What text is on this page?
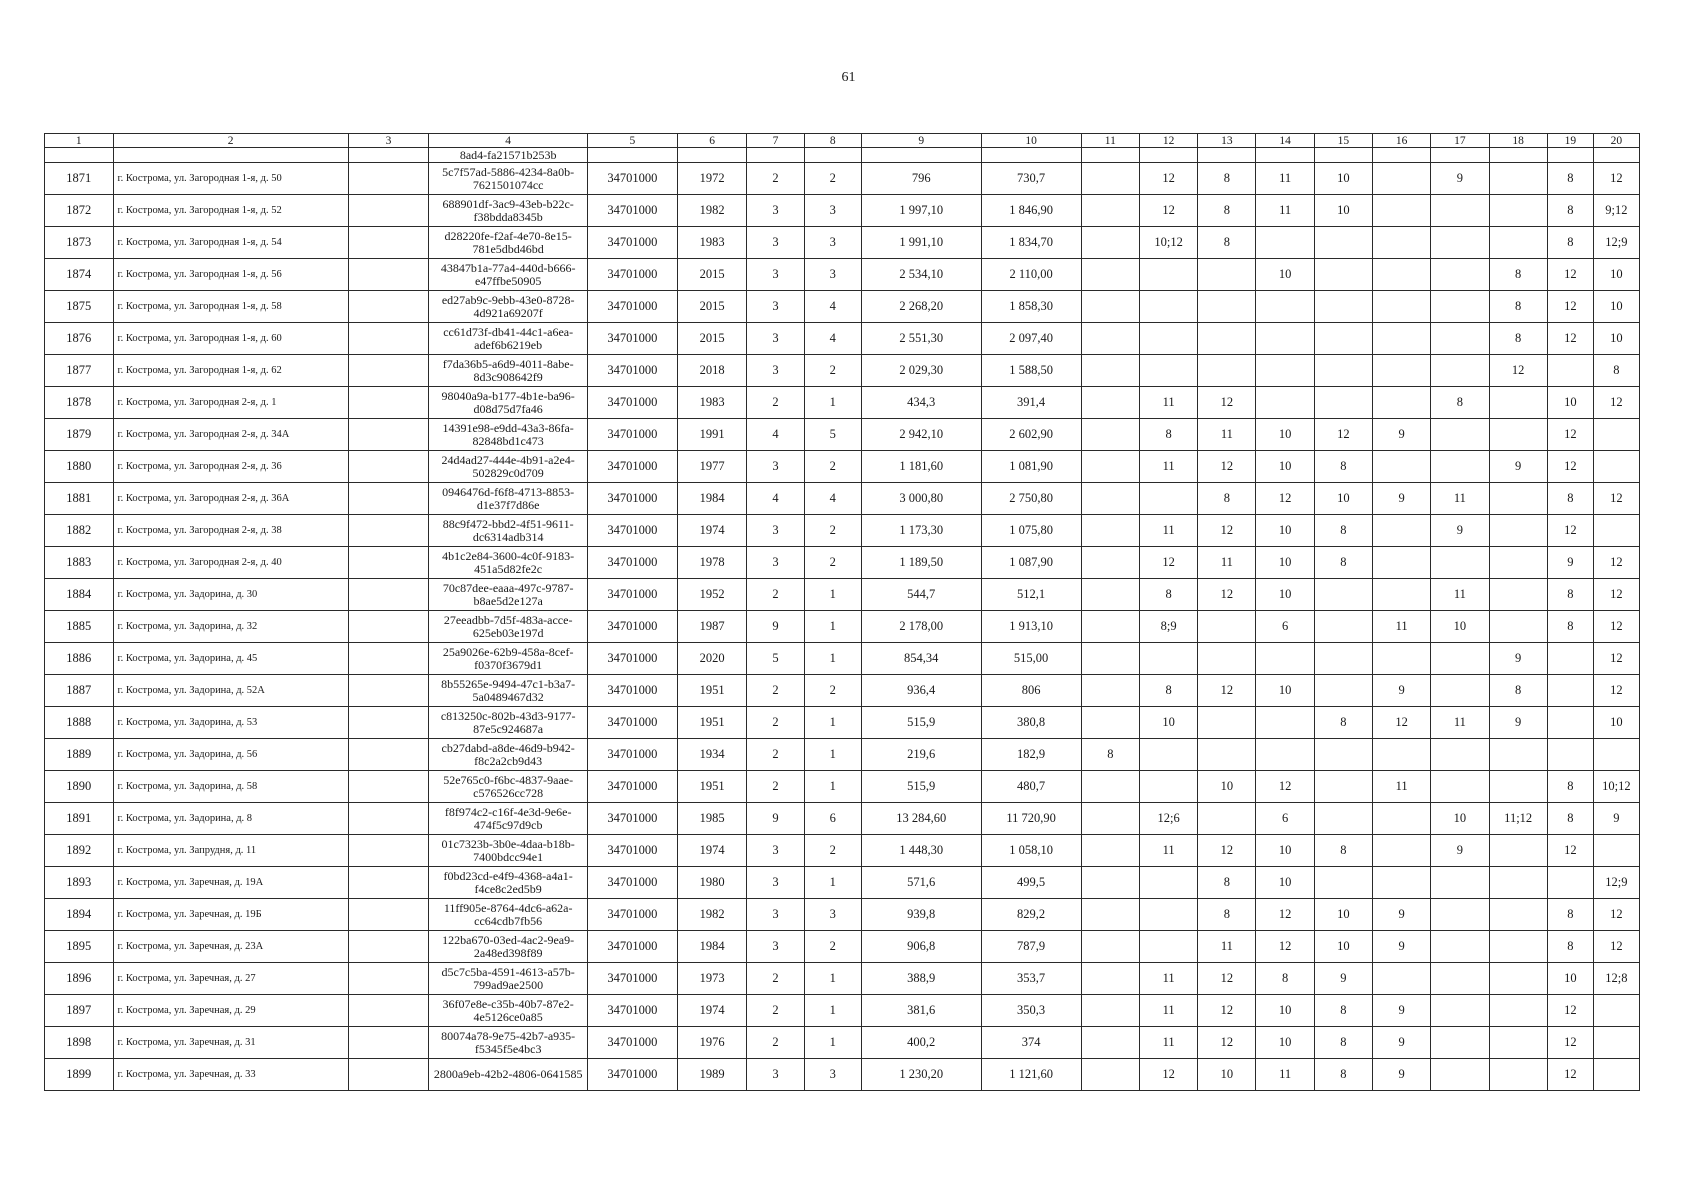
61
1	2	3	4	5	6	7	8	9	10	11	12	13	14	15	16	17	18	19	20
			8ad4-fa21571b253b																
1871	г. Кострома, ул. Загородная 1-я, д. 50		5c7f57ad-5886-4234-8a0b-7621501074cc	34701000	1972	2	2	796	730,7		12	8	11	10		9		8	12
1872	г. Кострома, ул. Загородная 1-я, д. 52		688901df-3ac9-43eb-b22c-f38bdda8345b	34701000	1982	3	3	1 997,10	1 846,90		12	8	11	10				8	9;12
1873	г. Кострома, ул. Загородная 1-я, д. 54		d28220fe-f2af-4e70-8e15-781e5dbd46bd	34701000	1983	3	3	1 991,10	1 834,70		10;12	8						8	12;9
1874	г. Кострома, ул. Загородная 1-я, д. 56		43847b1a-77a4-440d-b666-e47ffbe50905	34701000	2015	3	3	2 534,10	2 110,00				10				8	12	10
1875	г. Кострома, ул. Загородная 1-я, д. 58		ed27ab9c-9ebb-43e0-8728-4d921a69207f	34701000	2015	3	4	2 268,20	1 858,30								8	12	10
1876	г. Кострома, ул. Загородная 1-я, д. 60		cc61d73f-db41-44c1-a6ea-adef6b6219eb	34701000	2015	3	4	2 551,30	2 097,40								8	12	10
1877	г. Кострома, ул. Загородная 1-я, д. 62		f7da36b5-a6d9-4011-8abe-8d3c908642f9	34701000	2018	3	2	2 029,30	1 588,50								12		8
1878	г. Кострома, ул. Загородная 2-я, д. 1		98040a9a-b177-4b1e-ba96-d08d75d7fa46	34701000	1983	2	1	434,3	391,4		11	12				8		10	12
1879	г. Кострома, ул. Загородная 2-я, д. 34А		14391e98-e9dd-43a3-86fa-82848bd1c473	34701000	1991	4	5	2 942,10	2 602,90		8	11	10	12	9			12	
1880	г. Кострома, ул. Загородная 2-я, д. 36		24d4ad27-444e-4b91-a2e4-502829c0d709	34701000	1977	3	2	1 181,60	1 081,90		11	12	10	8			9	12	
1881	г. Кострома, ул. Загородная 2-я, д. 36А		0946476d-f6f8-4713-8853-d1e37f7d86e	34701000	1984	4	4	3 000,80	2 750,80			8	12	10	9	11		8	12
1882	г. Кострома, ул. Загородная 2-я, д. 38		88c9f472-bbd2-4f51-9611-dc6314adb314	34701000	1974	3	2	1 173,30	1 075,80		11	12	10	8		9		12	
1883	г. Кострома, ул. Загородная 2-я, д. 40		4b1c2e84-3600-4c0f-9183-451a5d82fe2c	34701000	1978	3	2	1 189,50	1 087,90		12	11	10	8				9	12
1884	г. Кострома, ул. Задорина, д. 30		70c87dee-eaaa-497c-9787-b8ae5d2e127a	34701000	1952	2	1	544,7	512,1		8	12	10			11		8	12
1885	г. Кострома, ул. Задорина, д. 32		27eeadbb-7d5f-483a-acce-625eb03e197d	34701000	1987	9	1	2 178,00	1 913,10		8;9		6		11	10		8	12
1886	г. Кострома, ул. Задорина, д. 45		25a9026e-62b9-458a-8cef-f0370f3679d1	34701000	2020	5	1	854,34	515,00								9		12
1887	г. Кострома, ул. Задорина, д. 52А		8b55265e-9494-47c1-b3a7-5a0489467d32	34701000	1951	2	2	936,4	806		8	12	10		9		8		12
1888	г. Кострома, ул. Задорина, д. 53		c813250c-802b-43d3-9177-87e5c924687a	34701000	1951	2	1	515,9	380,8		10			8	12	11	9		10
1889	г. Кострома, ул. Задорина, д. 56		cb27dabd-a8de-46d9-b942-f8c2a2cb9d43	34701000	1934	2	1	219,6	182,9	8									
1890	г. Кострома, ул. Задорина, д. 58		52e765c0-f6bc-4837-9aae-c576526cc728	34701000	1951	2	1	515,9	480,7			10	12		11			8	10;12
1891	г. Кострома, ул. Задорина, д. 8		f8f974c2-c16f-4e3d-9e6e-474f5c97d9cb	34701000	1985	9	6	13 284,60	11 720,90		12;6		6			10	11;12	8	9
1892	г. Кострома, ул. Запрудня, д. 11		01c7323b-3b0e-4daa-b18b-7400bdcc94e1	34701000	1974	3	2	1 448,30	1 058,10		11	12	10	8		9		12	
1893	г. Кострома, ул. Заречная, д. 19А		f0bd23cd-e4f9-4368-a4a1-f4ce8c2ed5b9	34701000	1980	3	1	571,6	499,5			8	10						12;9
1894	г. Кострома, ул. Заречная, д. 19Б		11ff905e-8764-4dc6-a62a-cc64cdb7fb56	34701000	1982	3	3	939,8	829,2			8	12	10	9			8	12
1895	г. Кострома, ул. Заречная, д. 23А		122ba670-03ed-4ac2-9ea9-2a48ed398f89	34701000	1984	3	2	906,8	787,9			11	12	10	9			8	12
1896	г. Кострома, ул. Заречная, д. 27		d5c7c5ba-4591-4613-a57b-799ad9ae2500	34701000	1973	2	1	388,9	353,7		11	12	8	9				10	12;8
1897	г. Кострома, ул. Заречная, д. 29		36f07e8e-c35b-40b7-87e2-4e5126ce0a85	34701000	1974	2	1	381,6	350,3		11	12	10	8	9			12	
1898	г. Кострома, ул. Заречная, д. 31		80074a78-9e75-42b7-a935-f5345f5e4bc3	34701000	1976	2	1	400,2	374		11	12	10	8	9			12	
1899	г. Кострома, ул. Заречная, д. 33		2800a9eb-42b2-4806-0641585	34701000	1989	3	3	1 230,20	1 121,60		12	10	11	8	9			12	
